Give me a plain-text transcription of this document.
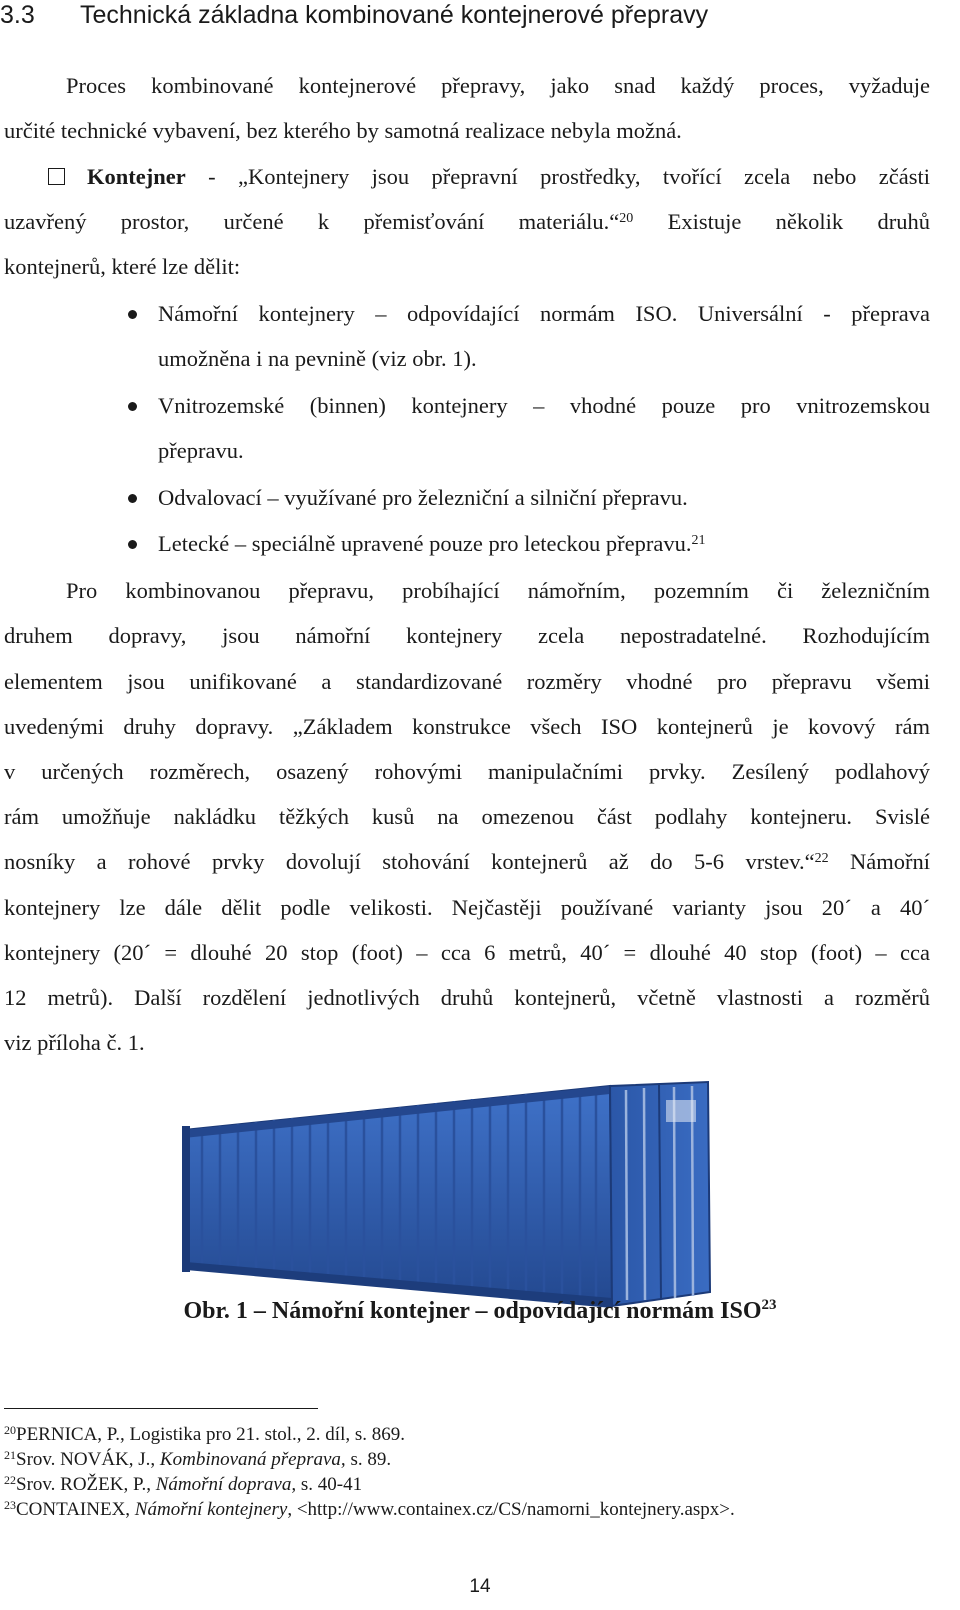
3.3 Technická základna kombinované kontejnerové přepravy
Proces kombinované kontejnerové přepravy, jako snad každý proces, vyžaduje
určité technické vybavení, bez kterého by samotná realizace nebyla možná.
Kontejner - „Kontejnery jsou přepravní prostředky, tvořící zcela nebo zčásti
uzavřený prostor, určené k přemisťování materiálu.“$^{20}$ Existuje několik druhů
kontejnerů, které lze dělit:
Námořní kontejnery – odpovídající normám ISO. Universální - přeprava
umožněna i na pevnině (viz obr. 1).
Vnitrozemské (binnen) kontejnery – vhodné pouze pro vnitrozemskou
přepravu.
Odvalovací – využívané pro železniční a silniční přepravu.
Letecké – speciálně upravené pouze pro leteckou přepravu.$^{21}$
Pro kombinovanou přepravu, probíhající námořním, pozemním či železničním
druhem dopravy, jsou námořní kontejnery zcela nepostradatelné. Rozhodujícím
elementem jsou unifikované a standardizované rozměry vhodné pro přepravu všemi
uvedenými druhy dopravy. „Základem konstrukce všech ISO kontejnerů je kovový rám
v určených rozměrech, osazený rohovými manipulačními prvky. Zesílený podlahový
rám umožňuje nakládku těžkých kusů na omezenou část podlahy kontejneru. Svislé
nosníky a rohové prvky dovolují stohování kontejnerů až do 5-6 vrstev.“$^{22}$ Námořní
kontejnery lze dále dělit podle velikosti. Nejčastěji používané varianty jsou 20´ a 40´
kontejnery (20´ = dlouhé 20 stop (foot) – cca 6 metrů, 40´ = dlouhé 40 stop (foot) – cca
12 metrů). Další rozdělení jednotlivých druhů kontejnerů, včetně vlastnosti a rozměrů
viz příloha č. 1.
Obr. 1 – Námořní kontejner – odpovídající normám ISO$^{23}$
$^{20}$PERNICA, P., Logistika pro 21. stol., 2. díl, s. 869.
$^{21}$Srov. NOVÁK, J., Kombinovaná přeprava, s. 89.
$^{22}$Srov. ROŽEK, P., Námořní doprava, s. 40-41
$^{23}$CONTAINEX, Námořní kontejnery, <http://www.containex.cz/CS/namorni_kontejnery.aspx>.
14
